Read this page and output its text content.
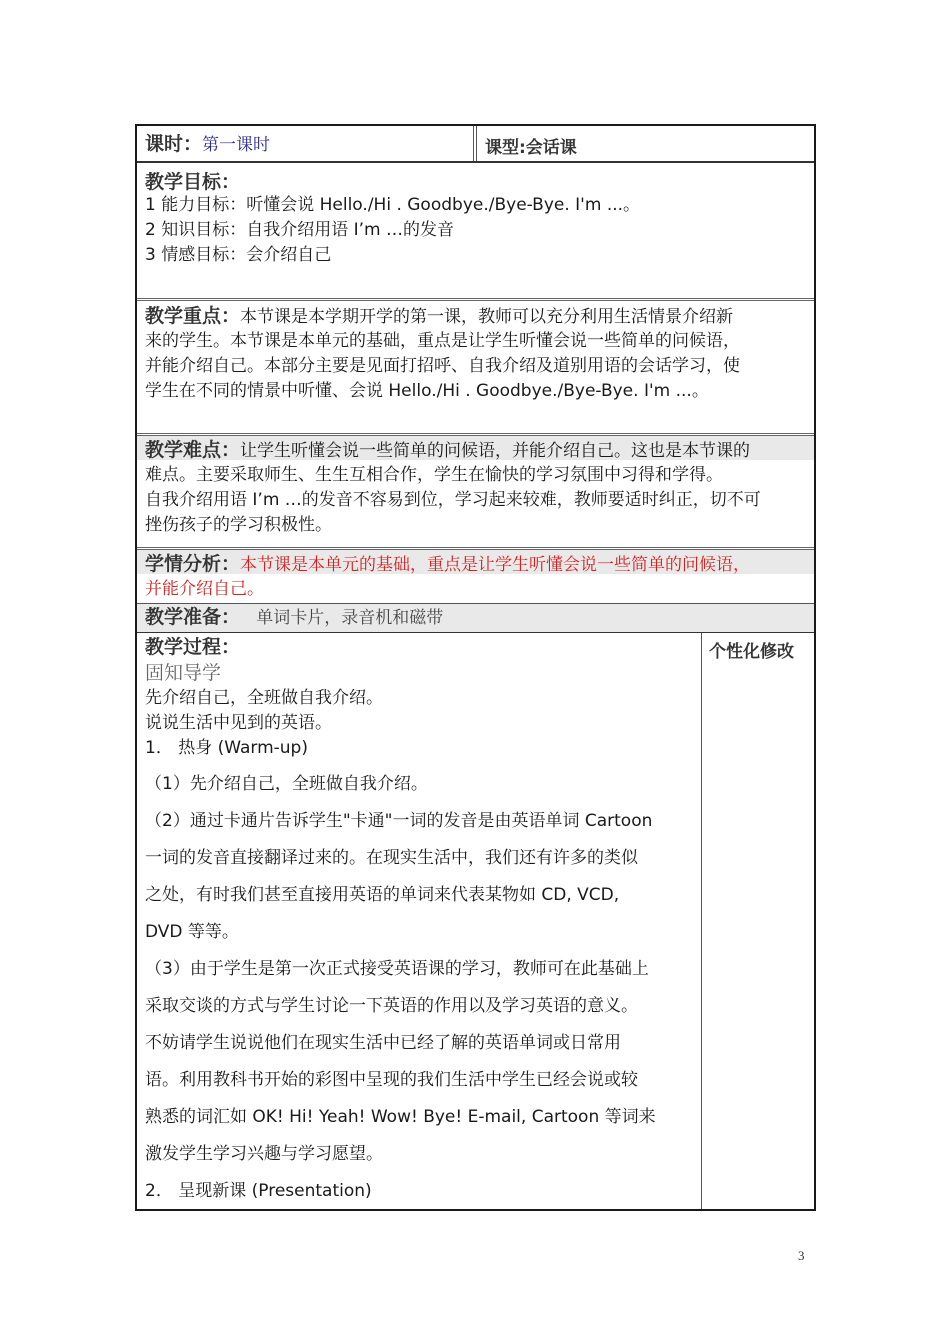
课时：第一课时	课型:会话课
教学目标：
1 能力目标：听懂会说 Hello./Hi . Goodbye./Bye-Bye. I'm ...。
2 知识目标：自我介绍用语 I’m …的发音
3 情感目标：会介绍自己
教学重点：本节课是本学期开学的第一课，教师可以充分利用生活情景介绍新
来的学生。本节课是本单元的基础，重点是让学生听懂会说一些简单的问候语，
并能介绍自己。本部分主要是见面打招呼、自我介绍及道别用语的会话学习，使
学生在不同的情景中听懂、会说 Hello./Hi . Goodbye./Bye-Bye. I'm ...。
教学难点：让学生听懂会说一些简单的问候语，并能介绍自己。这也是本节课的
难点。主要采取师生、生生互相合作，学生在愉快的学习氛围中习得和学得。
自我介绍用语 I’m …的发音不容易到位，学习起来较难，教师要适时纠正，切不可
挫伤孩子的学习积极性。
学情分析：本节课是本单元的基础，重点是让学生听懂会说一些简单的问候语，
并能介绍自己。
教学准备： 单词卡片，录音机和磁带
个性化修改
教学过程：
固知导学
先介绍自己，全班做自我介绍。
说说生活中见到的英语。
1． 热身 (Warm-up)
（1）先介绍自己，全班做自我介绍。
（2）通过卡通片告诉学生"卡通"一词的发音是由英语单词 Cartoon
一词的发音直接翻译过来的。在现实生活中，我们还有许多的类似
之处，有时我们甚至直接用英语的单词来代表某物如 CD, VCD,
DVD 等等。
（3）由于学生是第一次正式接受英语课的学习，教师可在此基础上
采取交谈的方式与学生讨论一下英语的作用以及学习英语的意义。
不妨请学生说说他们在现实生活中已经了解的英语单词或日常用
语。利用教科书开始的彩图中呈现的我们生活中学生已经会说或较
熟悉的词汇如 OK! Hi! Yeah! Wow! Bye! E-mail, Cartoon 等词来
激发学生学习兴趣与学习愿望。
2． 呈现新课 (Presentation)
3
